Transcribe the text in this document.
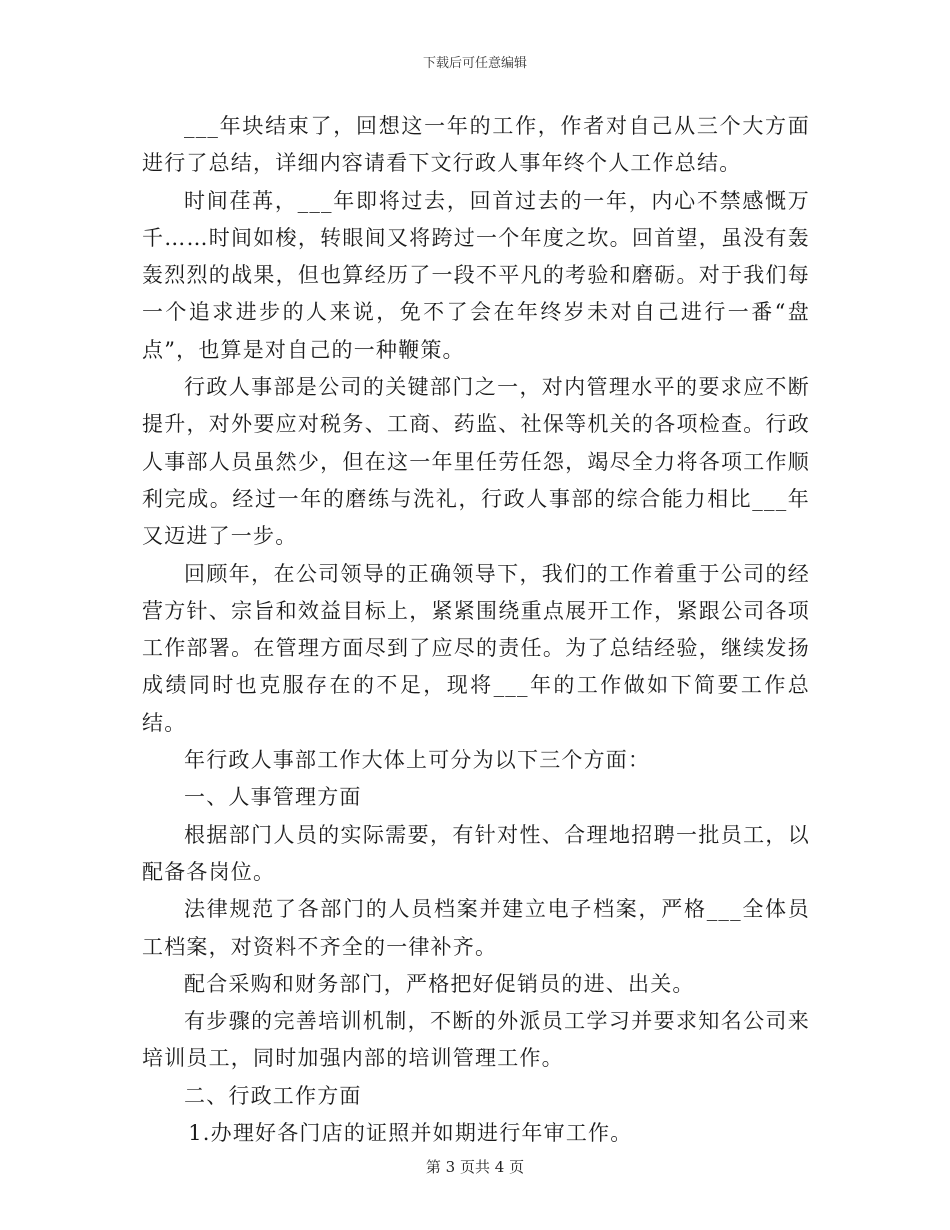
下载后可任意编辑

___年块结束了，回想这一年的工作，作者对自己从三个大方面进行了总结，详细内容请看下文行政人事年终个人工作总结。

时间荏苒，___年即将过去，回首过去的一年，内心不禁感慨万千……时间如梭，转眼间又将跨过一个年度之坎。回首望，虽没有轰轰烈烈的战果，但也算经历了一段不平凡的考验和磨砺。对于我们每一个追求进步的人来说，免不了会在年终岁未对自己进行一番“盘点”，也算是对自己的一种鞭策。

行政人事部是公司的关键部门之一，对内管理水平的要求应不断提升，对外要应对税务、工商、药监、社保等机关的各项检查。行政人事部人员虽然少，但在这一年里任劳任怨，竭尽全力将各项工作顺利完成。经过一年的磨练与洗礼，行政人事部的综合能力相比___年又迈进了一步。

回顾年，在公司领导的正确领导下，我们的工作着重于公司的经营方针、宗旨和效益目标上，紧紧围绕重点展开工作，紧跟公司各项工作部署。在管理方面尽到了应尽的责任。为了总结经验，继续发扬成绩同时也克服存在的不足，现将___年的工作做如下简要工作总结。

年行政人事部工作大体上可分为以下三个方面：

一、人事管理方面

根据部门人员的实际需要，有针对性、合理地招聘一批员工，以配备各岗位。

法律规范了各部门的人员档案并建立电子档案，严格___全体员工档案，对资料不齐全的一律补齐。

配合采购和财务部门，严格把好促销员的进、出关。

有步骤的完善培训机制，不断的外派员工学习并要求知名公司来培训员工，同时加强内部的培训管理工作。

二、行政工作方面

1.办理好各门店的证照并如期进行年审工作。

第 3 页共 4 页
